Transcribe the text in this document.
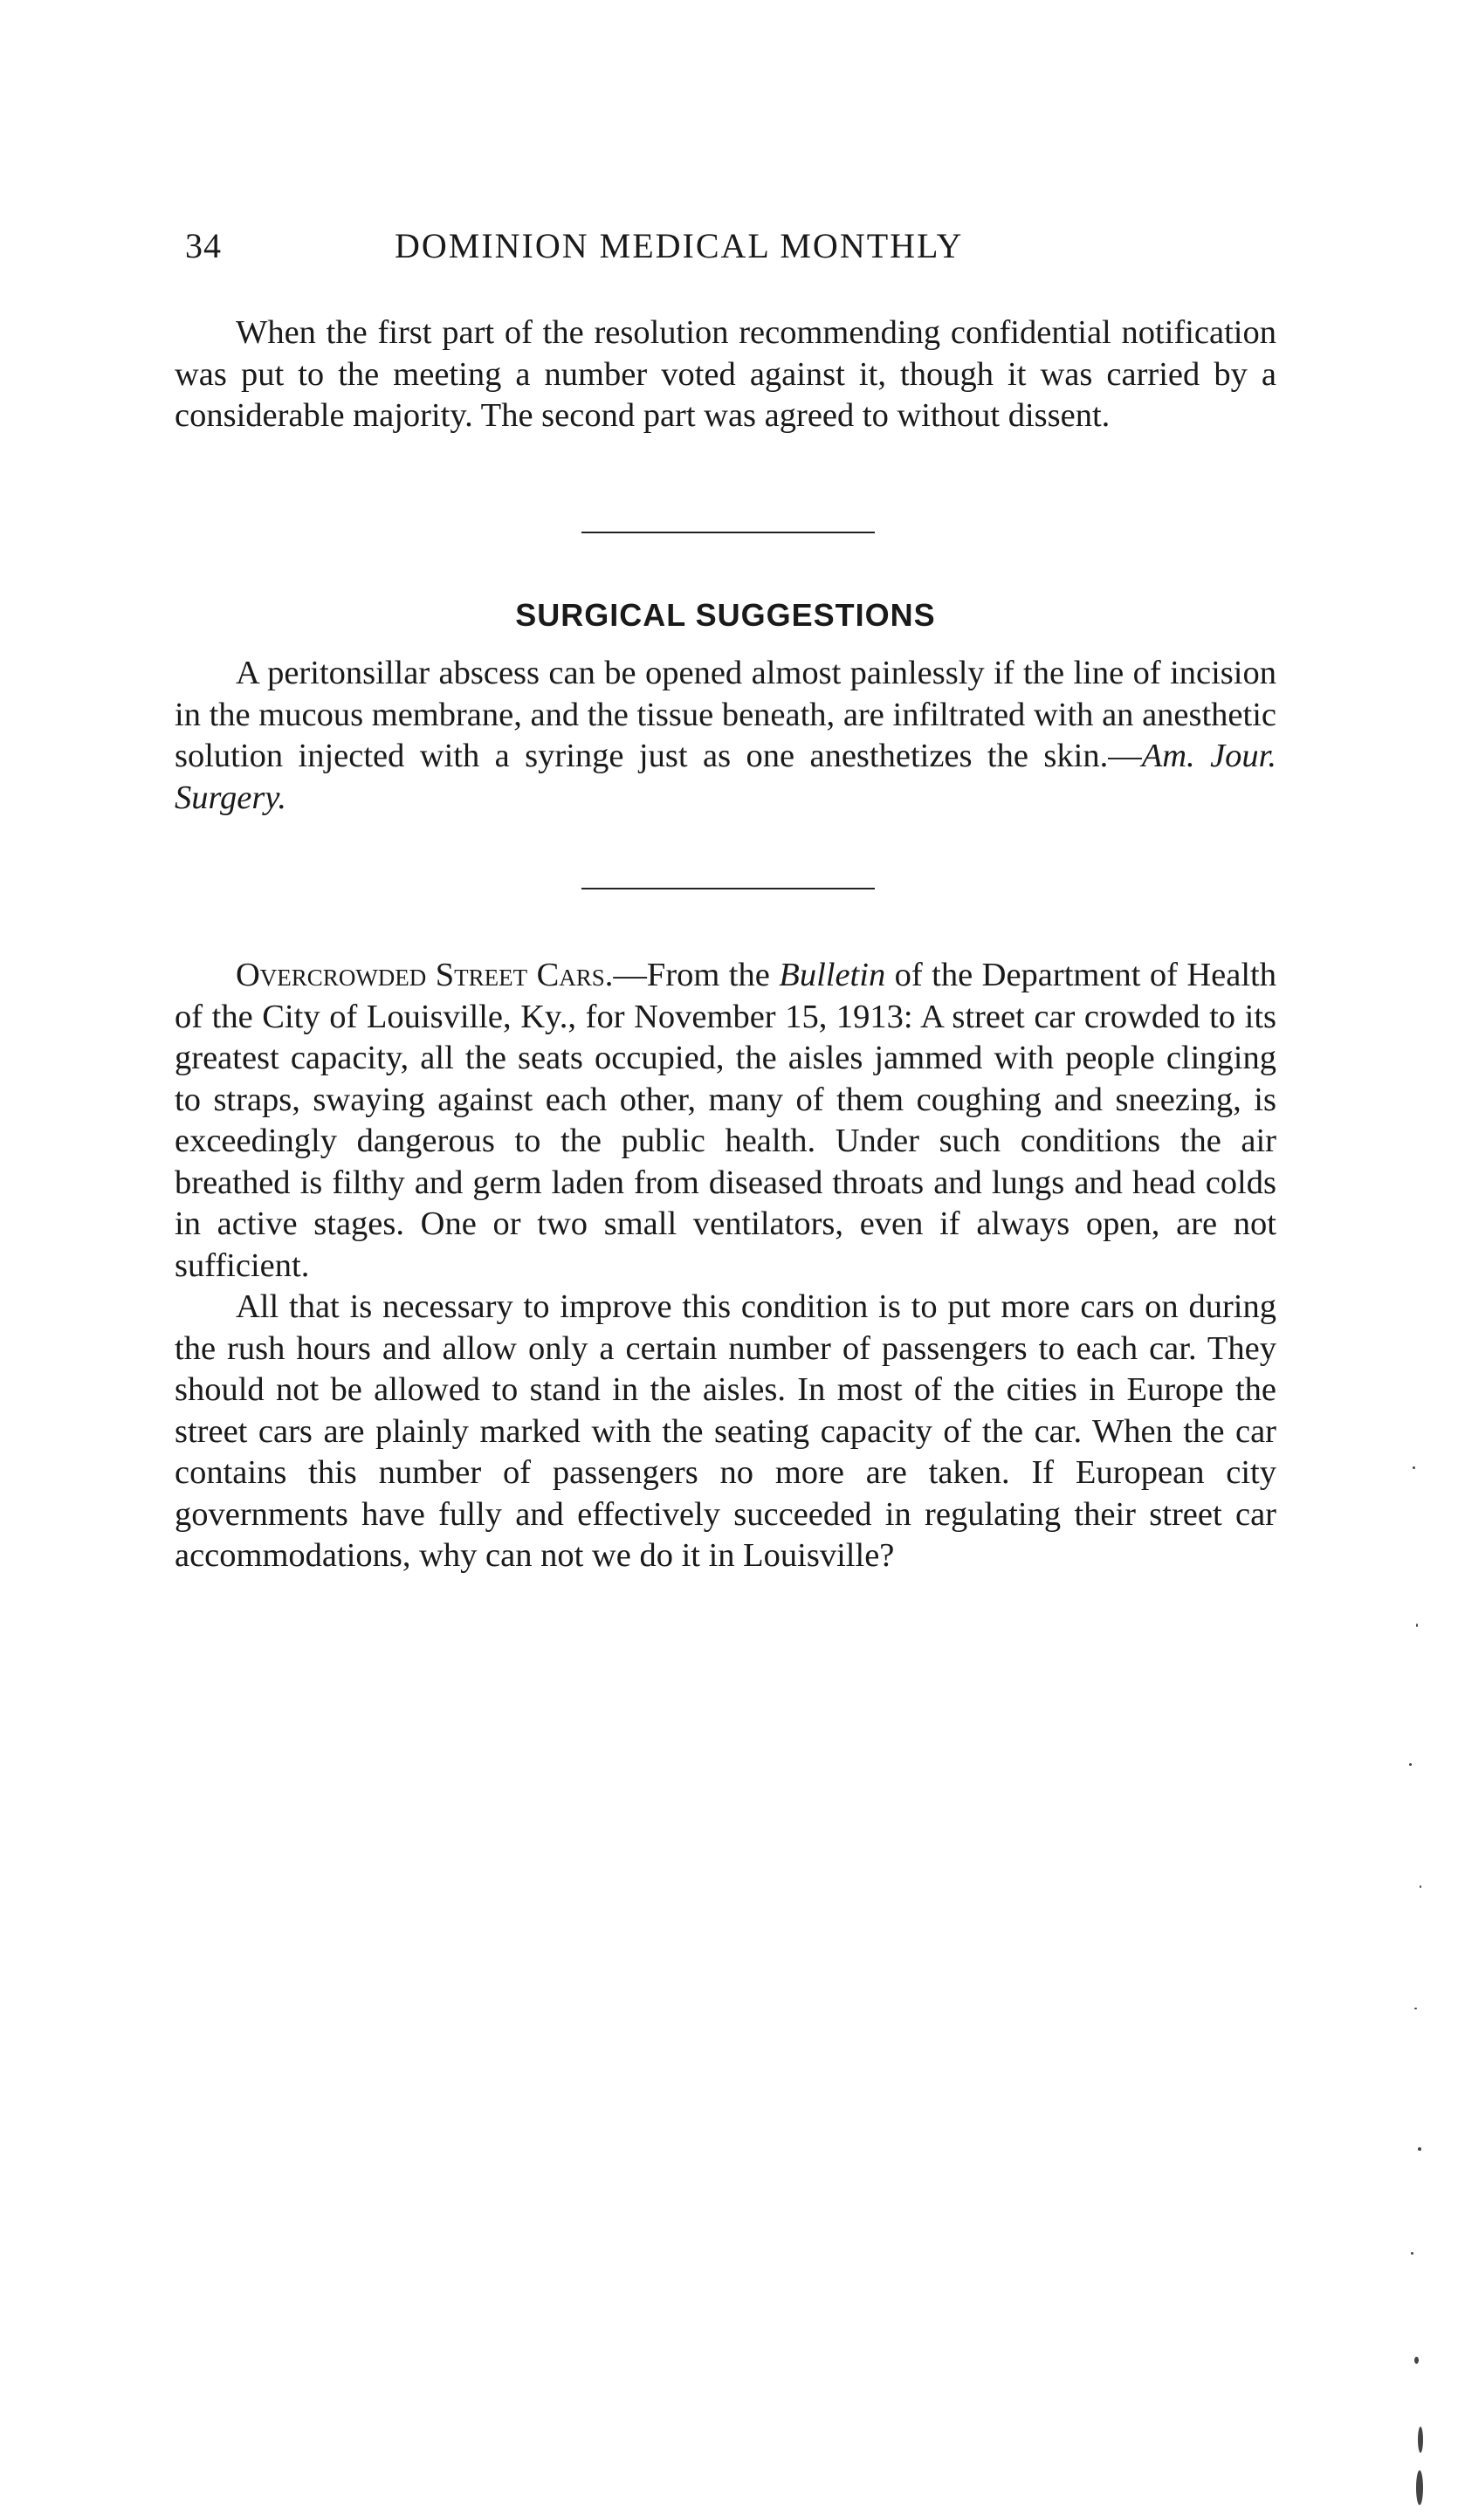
34	DOMINION MEDICAL MONTHLY

When the first part of the resolution recommending confidential notification was put to the meeting a number voted against it, though it was carried by a considerable majority. The second part was agreed to without dissent.

SURGICAL SUGGESTIONS

A peritonsillar abscess can be opened almost painlessly if the line of incision in the mucous membrane, and the tissue beneath, are infiltrated with an anesthetic solution injected with a syringe just as one anesthetizes the skin.—Am. Jour. Surgery.

Overcrowded Street Cars.—From the Bulletin of the Department of Health of the City of Louisville, Ky., for November 15, 1913: A street car crowded to its greatest capacity, all the seats occupied, the aisles jammed with people clinging to straps, swaying against each other, many of them coughing and sneezing, is exceedingly dangerous to the public health. Under such conditions the air breathed is filthy and germ laden from diseased throats and lungs and head colds in active stages. One or two small ventilators, even if always open, are not sufficient.

All that is necessary to improve this condition is to put more cars on during the rush hours and allow only a certain number of passengers to each car. They should not be allowed to stand in the aisles. In most of the cities in Europe the street cars are plainly marked with the seating capacity of the car. When the car contains this number of passengers no more are taken. If European city governments have fully and effectively succeeded in regulating their street car accommodations, why can not we do it in Louisville?
